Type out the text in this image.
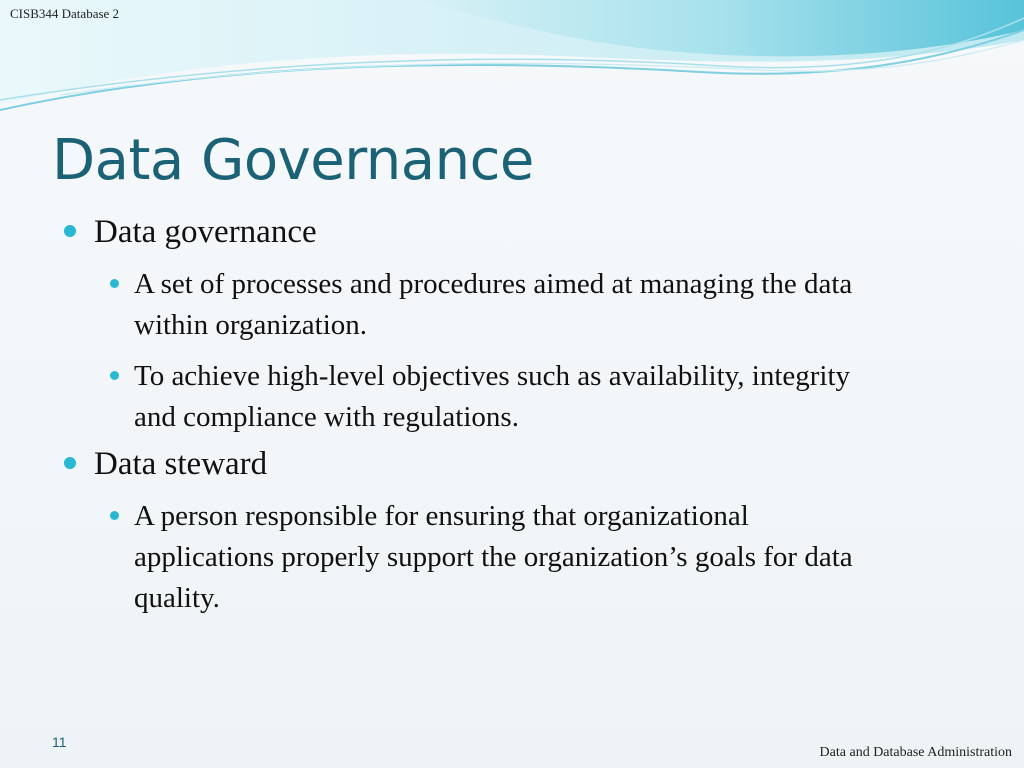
CISB344 Database 2
Data Governance
Data governance
A set of processes and procedures aimed at managing the data within organization.
To achieve high-level objectives such as availability, integrity and compliance with regulations.
Data steward
A person responsible for ensuring that organizational applications properly support the organization’s goals for data quality.
11
Data and Database Administration
